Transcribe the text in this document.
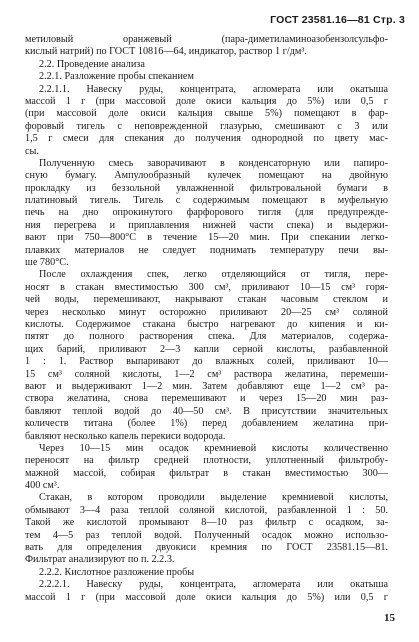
ГОСТ 23581.16—81 Стр. 3
метиловый оранжевый (пара-диметиламиноазобензолсульфо-
кислый натрий) по ГОСТ 10816—64, индикатор, раствор 1 г/дм³.
2.2. Проведение анализа
2.2.1. Разложение пробы спеканием
2.2.1.1. Навеску руды, концентрата, агломерата или окатыша
массой 1 г (при массовой доле окиси кальция до 5%) или 0,5 г
(при массовой доле окиси кальция свыше 5%) помещают в фар-
форовый тигель с неповрежденной глазурью, смешивают с 3 или
1,5 г смеси для спекания до получения однородной по цвету мас-
сы.
Полученную смесь заворачивают в конденсаторную или папиро-
сную бумагу. Ампулообразный кулечек помещают на двойную
прокладку из беззольной увлажненной фильтровальной бумаги в
платиновый тигель. Тигель с содержимым помещают в муфельную
печь на дно опрокинутого фарфорового тигля (для предупрежде-
ния перегрева и приплавления нижней части спека) и выдержи-
вают при 750—800°С в течение 15—20 мин. При спекании легко-
плавких материалов не следует поднимать температуру печи вы-
ше 780°С.
После охлаждения спек, легко отделяющийся от тигля, пере-
носят в стакан вместимостью 300 см³, приливают 10—15 см³ горя-
чей воды, перемешивают, накрывают стакан часовым стеклом и
через несколько минут осторожно приливают 20—25 см³ соляной
кислоты. Содержимое стакана быстро нагревают до кипения и ки-
пятят до полного растворения спека. Для материалов, содержа-
щих барий, приливают 2—3 капли серной кислоты, разбавленной
1 : 1. Раствор выпаривают до влажных солей, приливают 10—
15 см³ соляной кислоты, 1—2 см³ раствора желатина, перемеши-
вают и выдерживают 1—2 мин. Затем добавляют еще 1—2 см³ ра-
створа желатина, снова перемешивают и через 15—20 мин раз-
бавляют теплой водой до 40—50 см³. В присутствии значительных
количеств титана (более 1%) перед добавлением желатина при-
бавляют несколько капель перекиси водорода.
Через 10—15 мин осадок кремниевой кислоты количественно
переносят на фильтр средней плотности, уплотненный фильтробу-
мажной массой, собирая фильтрат в стакан вместимостью 300—
400 см³.
Стакан, в котором проводили выделение кремниевой кислоты,
обмывают 3—4 раза теплой соляной кислотой, разбавленной 1 : 50.
Такой же кислотой промывают 8—10 раз фильтр с осадком, за-
тем 4—5 раз теплой водой. Полученный осадок можно использо-
вать для определения двуокиси кремния по ГОСТ 23581.15—81.
Фильтрат анализируют по п. 2.2.3.
2.2.2. Кислотное разложение пробы
2.2.2.1. Навеску руды, концентрата, агломерата или окатыша
массой 1 г (при массовой доле окиси кальция до 5%) или 0,5 г
15
